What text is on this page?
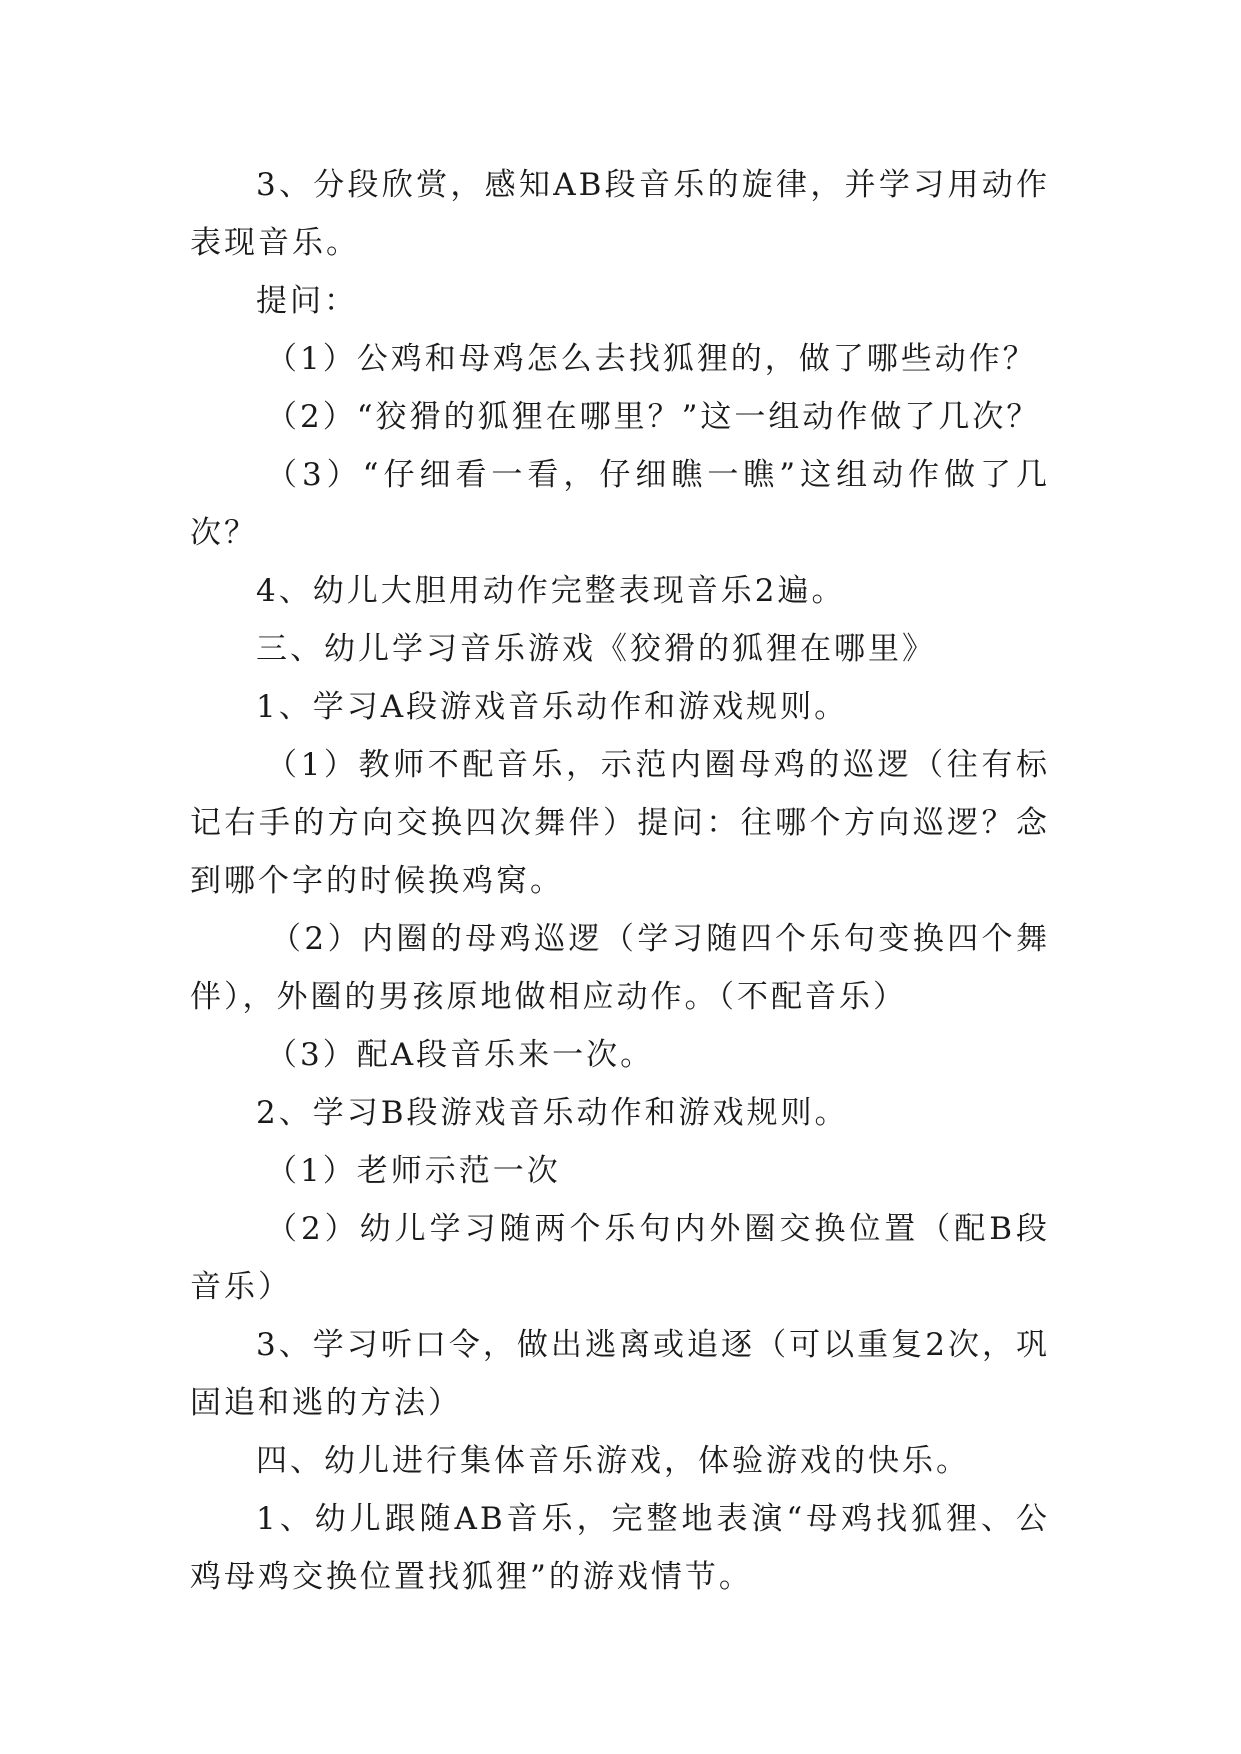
3、分段欣赏，感知AB段音乐的旋律，并学习用动作表现音乐。

提问：

（1）公鸡和母鸡怎么去找狐狸的，做了哪些动作？

（2）“狡猾的狐狸在哪里？”这一组动作做了几次？

（3）“仔细看一看，仔细瞧一瞧”这组动作做了几次？

4、幼儿大胆用动作完整表现音乐2遍。

三、幼儿学习音乐游戏《狡猾的狐狸在哪里》

1、学习A段游戏音乐动作和游戏规则。

（1）教师不配音乐，示范内圈母鸡的巡逻（往有标记右手的方向交换四次舞伴）提问：往哪个方向巡逻？念到哪个字的时候换鸡窝。

（2）内圈的母鸡巡逻（学习随四个乐句变换四个舞伴），外圈的男孩原地做相应动作。（不配音乐）

（3）配A段音乐来一次。

2、学习B段游戏音乐动作和游戏规则。

（1）老师示范一次

（2）幼儿学习随两个乐句内外圈交换位置（配B段音乐）

3、学习听口令，做出逃离或追逐（可以重复2次，巩固追和逃的方法）

四、幼儿进行集体音乐游戏，体验游戏的快乐。

1、幼儿跟随AB音乐，完整地表演“母鸡找狐狸、公鸡母鸡交换位置找狐狸”的游戏情节。
